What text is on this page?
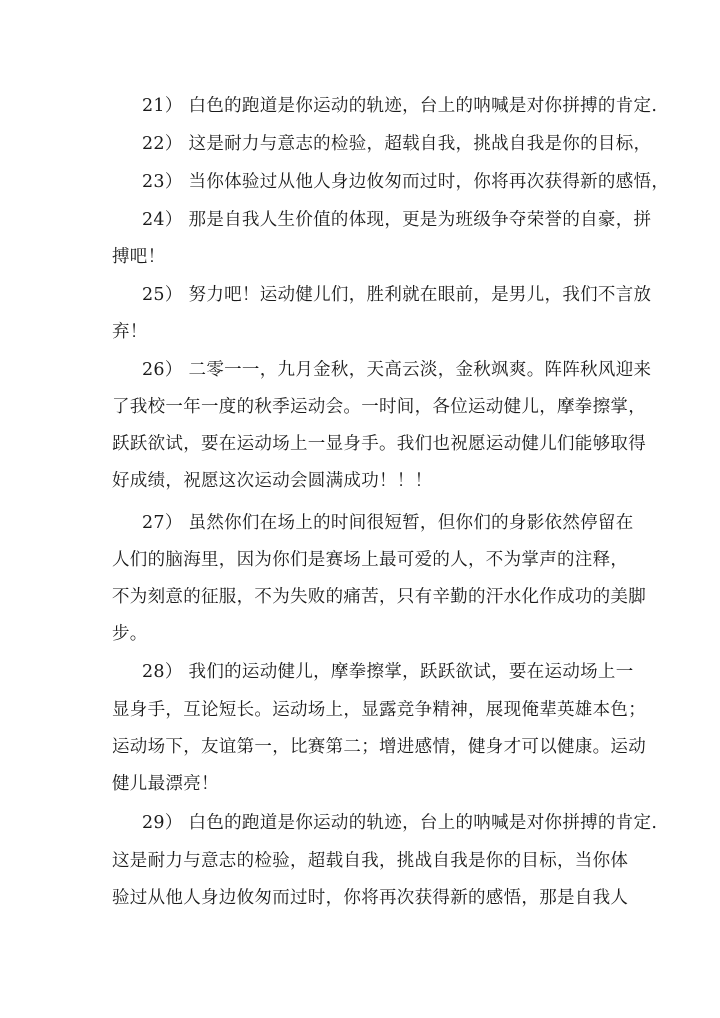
21） 白色的跑道是你运动的轨迹，台上的呐喊是对你拼搏的肯定.
22） 这是耐力与意志的检验，超载自我，挑战自我是你的目标，
23） 当你体验过从他人身边攸匆而过时，你将再次获得新的感悟，
24） 那是自我人生价值的体现，更是为班级争夺荣誉的自豪，拼
搏吧！
25） 努力吧！运动健儿们，胜利就在眼前，是男儿，我们不言放
弃！
26） 二零一一，九月金秋，天高云淡，金秋飒爽。阵阵秋风迎来
了我校一年一度的秋季运动会。一时间，各位运动健儿，摩拳擦掌，
跃跃欲试，要在运动场上一显身手。我们也祝愿运动健儿们能够取得
好成绩，祝愿这次运动会圆满成功！！！
27） 虽然你们在场上的时间很短暂，但你们的身影依然停留在
人们的脑海里，因为你们是赛场上最可爱的人，不为掌声的注释，
不为刻意的征服，不为失败的痛苦，只有辛勤的汗水化作成功的美脚
步。
28） 我们的运动健儿，摩拳擦掌，跃跃欲试，要在运动场上一
显身手，互论短长。运动场上，显露竞争精神，展现俺辈英雄本色；
运动场下，友谊第一，比赛第二；增进感情，健身才可以健康。运动
健儿最漂亮！
29） 白色的跑道是你运动的轨迹，台上的呐喊是对你拼搏的肯定.
这是耐力与意志的检验，超载自我，挑战自我是你的目标，当你体
验过从他人身边攸匆而过时，你将再次获得新的感悟，那是自我人
